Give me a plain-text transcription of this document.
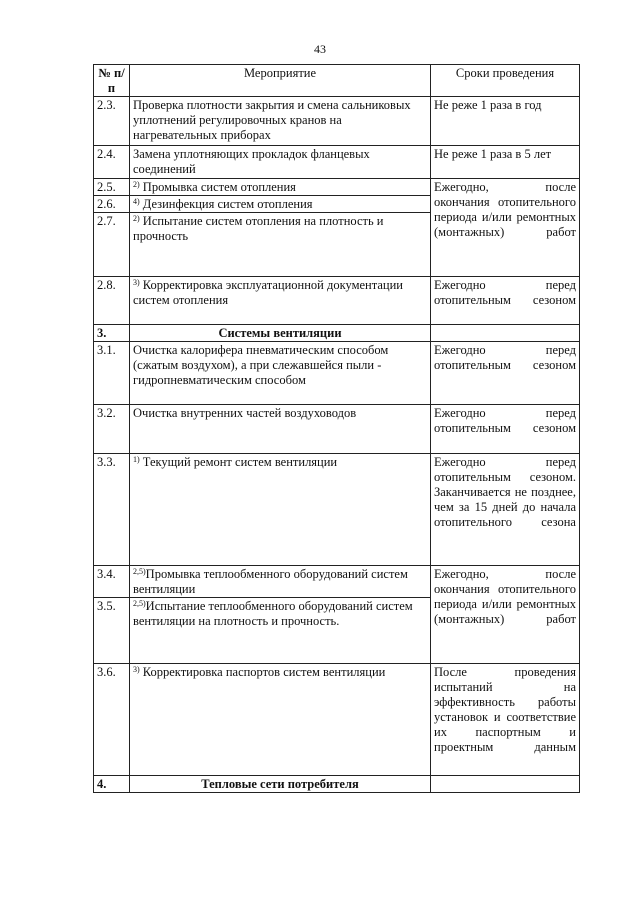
43
№ п/п	Мероприятие	Сроки проведения
2.3.	Проверка плотности закрытия и смена сальниковых уплотнений регулировочных кранов на нагревательных приборах	Не реже 1 раза в год
2.4.	Замена уплотняющих прокладок фланцевых соединений	Не реже 1 раза в 5 лет
2.5.	$^{2)}$ Промывка систем отопления	Ежегодно, после окончания отопительного периода и/или ремонтных (монтажных) работ
2.6.	$^{4)}$ Дезинфекция систем отопления	
2.7.	$^{2)}$ Испытание систем отопления на плотность и прочность	
2.8.	$^{3)}$ Корректировка эксплуатационной документации систем отопления	Ежегодно перед отопительным сезоном
3.	Системы вентиляции	
3.1.	Очистка калорифера пневматическим способом (сжатым воздухом), а при слежавшейся пыли - гидропневматическим способом	Ежегодно перед отопительным сезоном
3.2.	Очистка внутренних частей воздуховодов	Ежегодно перед отопительным сезоном
3.3.	$^{1)}$ Текущий ремонт систем вентиляции	Ежегодно перед отопительным сезоном. Заканчивается не позднее, чем за 15 дней до начала отопительного сезона
3.4.	$^{2,5)}$Промывка теплообменного оборудований систем вентиляции	Ежегодно, после окончания отопительного периода и/или ремонтных (монтажных) работ
3.5.	$^{2,5)}$Испытание теплообменного оборудований систем вентиляции на плотность и прочность.	
3.6.	$^{3)}$ Корректировка паспортов систем вентиляции	После проведения испытаний на эффективность работы установок и соответствие их паспортным и проектным данным
4.	Тепловые сети потребителя	
